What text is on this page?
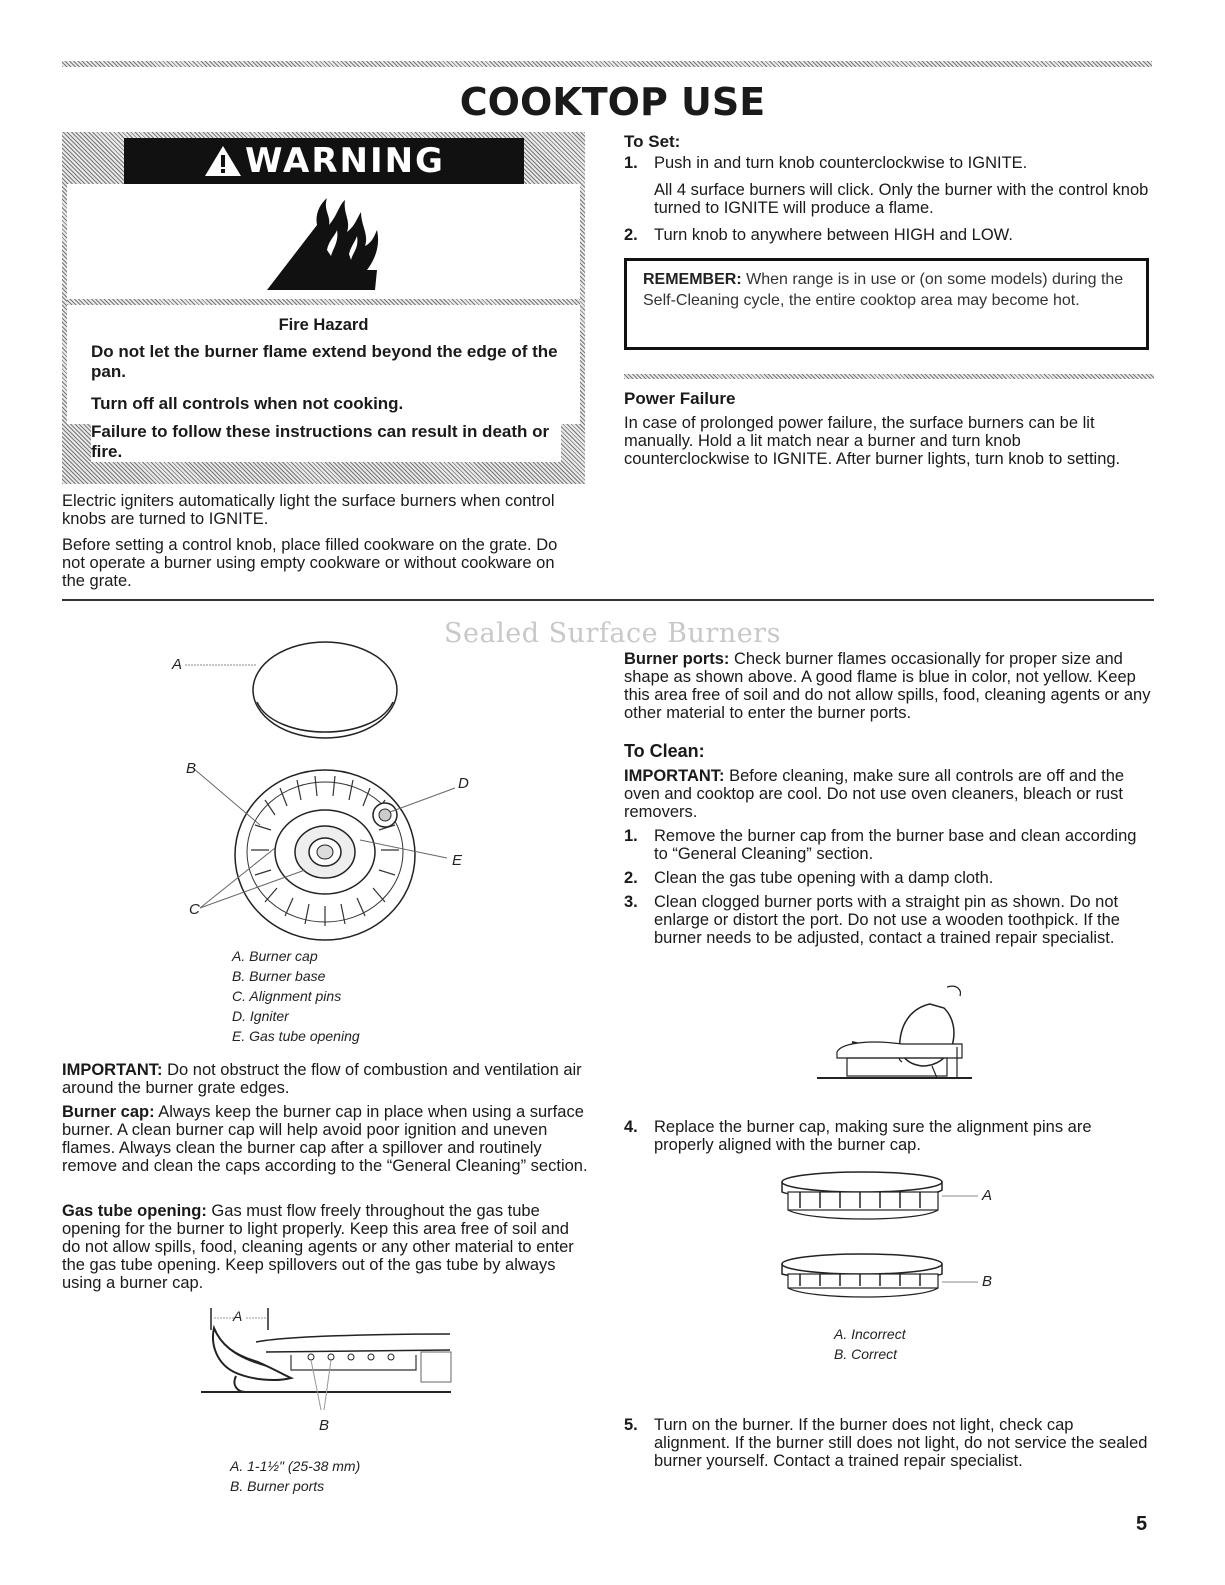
COOKTOP USE
WARNING
Fire Hazard
Do not let the burner flame extend beyond the edge of the pan.
Turn off all controls when not cooking.
Failure to follow these instructions can result in death or fire.
Electric igniters automatically light the surface burners when control knobs are turned to IGNITE.
Before setting a control knob, place filled cookware on the grate. Do not operate a burner using empty cookware or without cookware on the grate.
To Set:
1. Push in and turn knob counterclockwise to IGNITE.
All 4 surface burners will click. Only the burner with the control knob turned to IGNITE will produce a flame.
2. Turn knob to anywhere between HIGH and LOW.
REMEMBER: When range is in use or (on some models) during the Self-Cleaning cycle, the entire cooktop area may become hot.
Power Failure
In case of prolonged power failure, the surface burners can be lit manually. Hold a lit match near a burner and turn knob counterclockwise to IGNITE. After burner lights, turn knob to setting.
Sealed Surface Burners
A
B
D
E
C
A. Burner cap
B. Burner base
C. Alignment pins
D. Igniter
E. Gas tube opening
IMPORTANT: Do not obstruct the flow of combustion and ventilation air around the burner grate edges.
Burner cap: Always keep the burner cap in place when using a surface burner. A clean burner cap will help avoid poor ignition and uneven flames. Always clean the burner cap after a spillover and routinely remove and clean the caps according to the “General Cleaning” section.
Gas tube opening: Gas must flow freely throughout the gas tube opening for the burner to light properly. Keep this area free of soil and do not allow spills, food, cleaning agents or any other material to enter the gas tube opening. Keep spillovers out of the gas tube by always using a burner cap.
A
B
A. 1-1½" (25-38 mm)
B. Burner ports
Burner ports: Check burner flames occasionally for proper size and shape as shown above. A good flame is blue in color, not yellow. Keep this area free of soil and do not allow spills, food, cleaning agents or any other material to enter the burner ports.
To Clean:
IMPORTANT: Before cleaning, make sure all controls are off and the oven and cooktop are cool. Do not use oven cleaners, bleach or rust removers.
1. Remove the burner cap from the burner base and clean according to “General Cleaning” section.
2. Clean the gas tube opening with a damp cloth.
3. Clean clogged burner ports with a straight pin as shown. Do not enlarge or distort the port. Do not use a wooden toothpick. If the burner needs to be adjusted, contact a trained repair specialist.
4. Replace the burner cap, making sure the alignment pins are properly aligned with the burner cap.
A
B
A. Incorrect
B. Correct
5. Turn on the burner. If the burner does not light, check cap alignment. If the burner still does not light, do not service the sealed burner yourself. Contact a trained repair specialist.
5
